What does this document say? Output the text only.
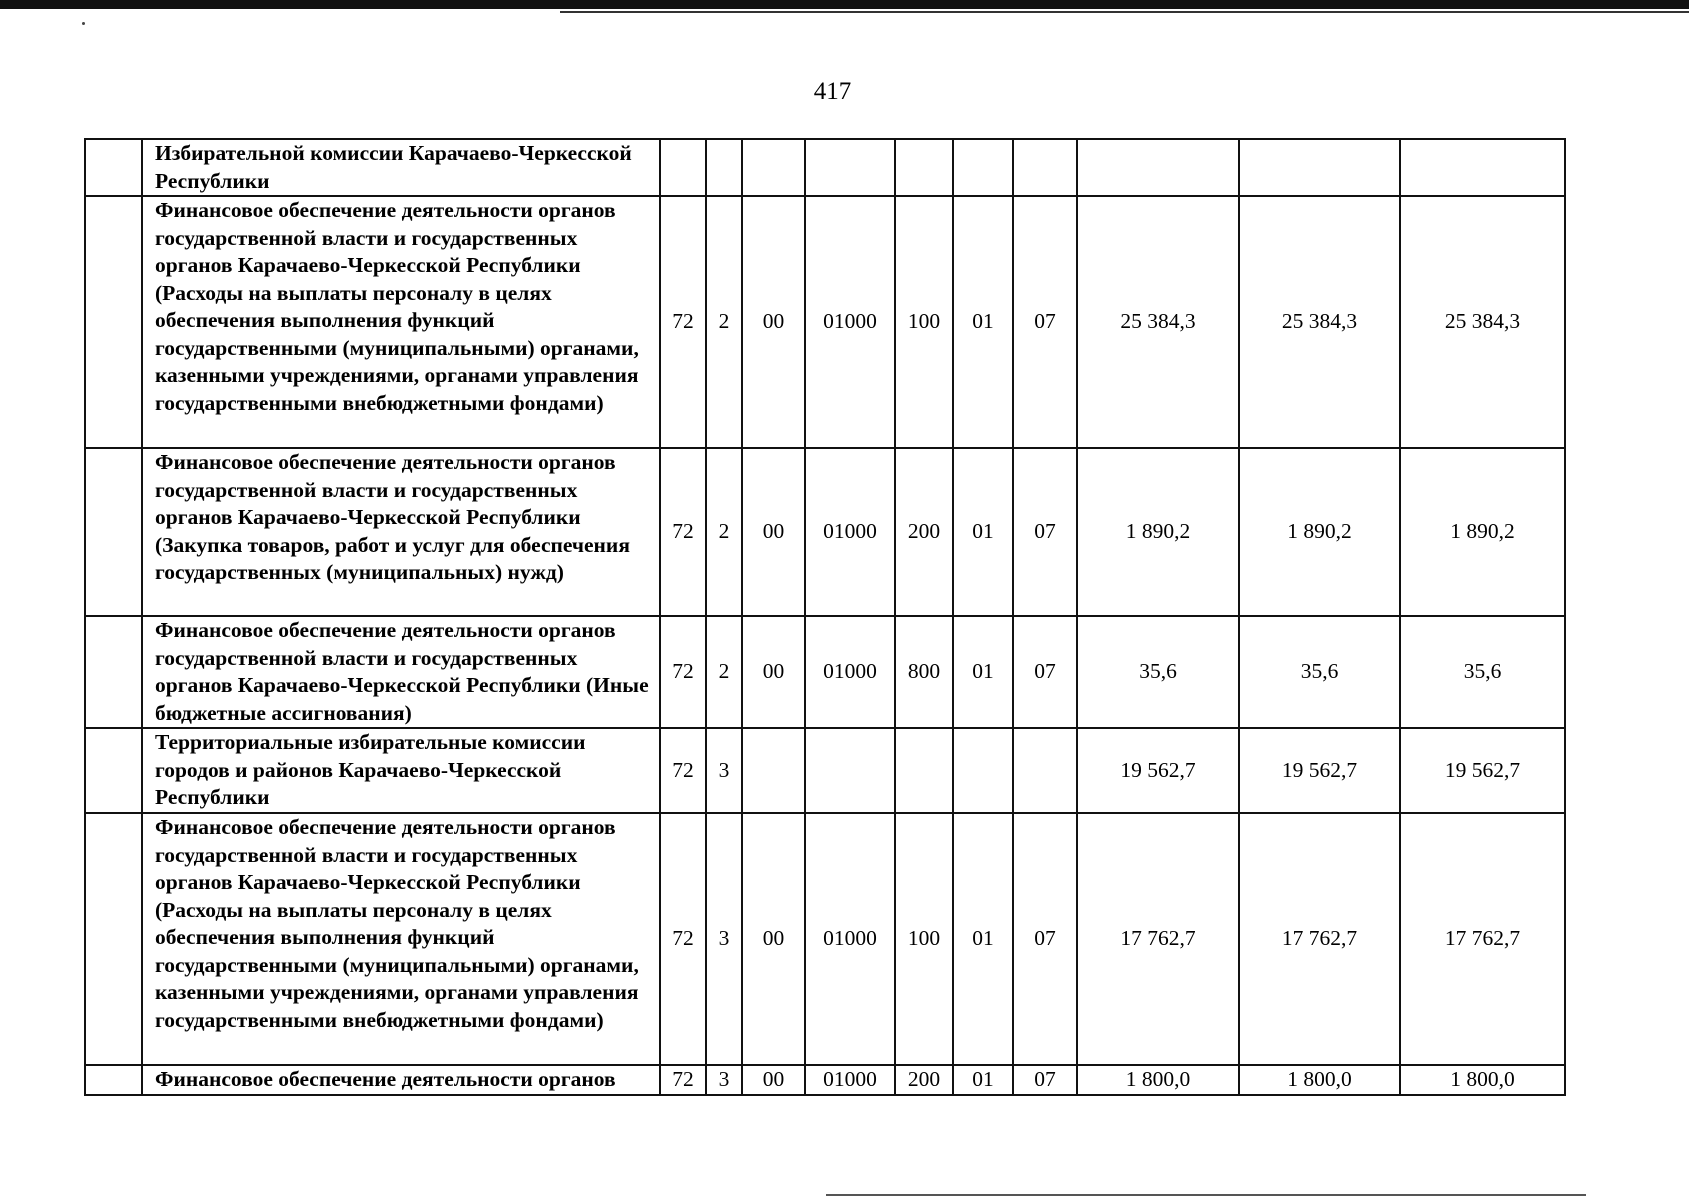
417
	Избирательной комиссии Карачаево-Черкесской Республики										
	Финансовое обеспечение деятельности органов государственной власти и государственных органов Карачаево-Черкесской Республики (Расходы на выплаты персоналу в целях обеспечения выполнения функций государственными (муниципальными) органами, казенными учреждениями, органами управления государственными внебюджетными фондами)	72	2	00	01000	100	01	07	25 384,3	25 384,3	25 384,3
	Финансовое обеспечение деятельности органов государственной власти и государственных органов Карачаево-Черкесской Республики (Закупка товаров, работ и услуг для обеспечения государственных (муниципальных) нужд)	72	2	00	01000	200	01	07	1 890,2	1 890,2	1 890,2
	Финансовое обеспечение деятельности органов государственной власти и государственных органов Карачаево-Черкесской Республики (Иные бюджетные ассигнования)	72	2	00	01000	800	01	07	35,6	35,6	35,6
	Территориальные избирательные комиссии городов и районов Карачаево-Черкесской Республики	72	3						19 562,7	19 562,7	19 562,7
	Финансовое обеспечение деятельности органов государственной власти и государственных органов Карачаево-Черкесской Республики (Расходы на выплаты персоналу в целях обеспечения выполнения функций государственными (муниципальными) органами, казенными учреждениями, органами управления государственными внебюджетными фондами)	72	3	00	01000	100	01	07	17 762,7	17 762,7	17 762,7
	Финансовое обеспечение деятельности органов	72	3	00	01000	200	01	07	1 800,0	1 800,0	1 800,0
